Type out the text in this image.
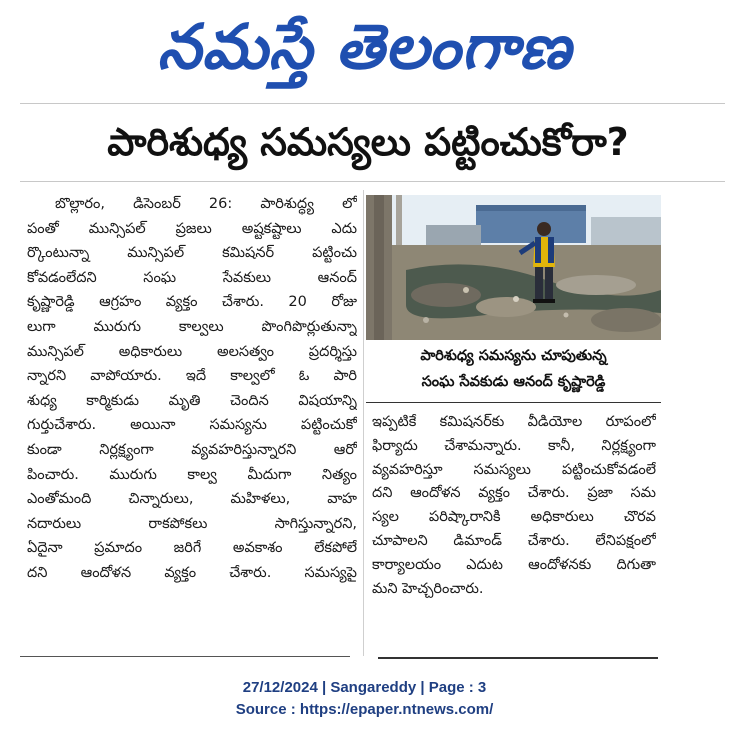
నమస్తే తెలంగాణ
పారిశుధ్య సమస్యలు పట్టించుకోరా?
బొల్లారం, డిసెంబర్ 26: పారిశుద్ధ్య లో
పంతో మున్సిపల్ ప్రజలు అష్టకష్టాలు ఎదు
ర్కొంటున్నా మున్సిపల్ కమిషనర్ పట్టించు
కోవడంలేదని సంఘ సేవకులు ఆనంద్
కృష్ణారెడ్డి ఆగ్రహం వ్యక్తం చేశారు. 20 రోజు
లుగా మురుగు కాల్వలు పొంగిపొర్లుతున్నా
మున్సిపల్ అధికారులు అలసత్వం ప్రదర్శిస్తు
న్నారని వాపోయారు. ఇదే కాల్వలో ఓ పారి
శుధ్య కార్మికుడు మృతి చెందిన విషయాన్ని
గుర్తుచేశారు. అయినా సమస్యను పట్టించుకో
కుండా నిర్లక్ష్యంగా వ్యవహరిస్తున్నారని ఆరో
పించారు. మురుగు కాల్వ మీదుగా నిత్యం
ఎంతోమంది చిన్నారులు, మహిళలు, వాహ
నదారులు రాకపోకలు సాగిస్తున్నారని,
ఏదైనా ప్రమాదం జరిగే అవకాశం లేకపోలే
దని ఆందోళన వ్యక్తం చేశారు. సమస్యపై
పారిశుధ్య సమస్యను చూపుతున్న
సంఘ సేవకుడు ఆనంద్ కృష్ణారెడ్డి
ఇప్పటికే కమిషనర్‌కు వీడియోల రూపంలో
ఫిర్యాదు చేశామన్నారు. కానీ, నిర్లక్ష్యంగా
వ్యవహరిస్తూ సమస్యలు పట్టించుకోవడంలే
దని ఆందోళన వ్యక్తం చేశారు. ప్రజా సమ
స్యల పరిష్కారానికి అధికారులు చొరవ
చూపాలని డిమాండ్ చేశారు. లేనిపక్షంలో
కార్యాలయం ఎదుట ఆందోళనకు దిగుతా
మని హెచ్చరించారు.
27/12/2024 | Sangareddy | Page : 3
Source : https://epaper.ntnews.com/
